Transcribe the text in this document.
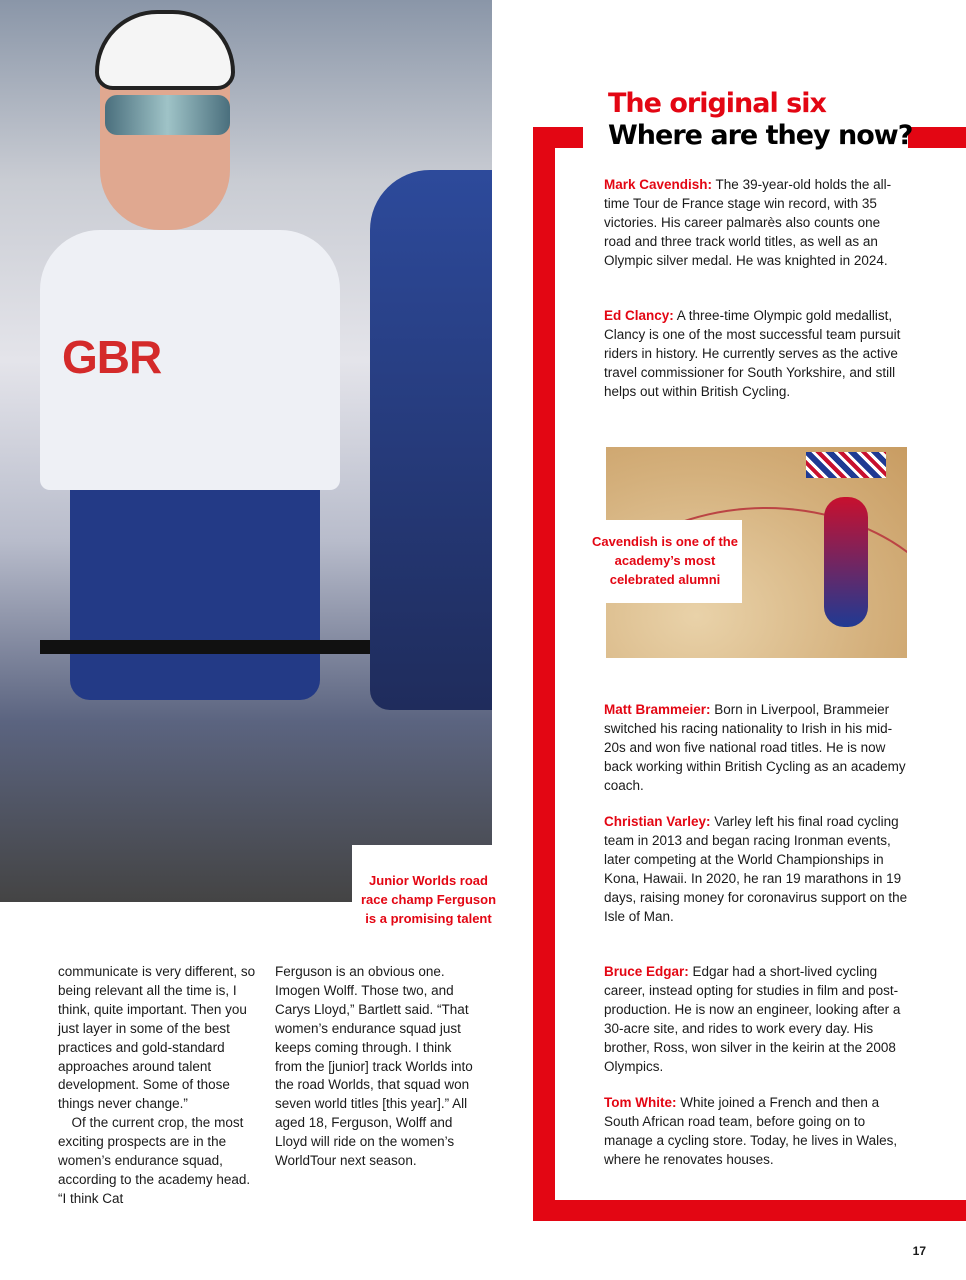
GBR
Junior Worlds road race champ Ferguson is a promising talent
The original six
Where are they now?

Mark Cavendish: The 39-year-old holds the all-time Tour de France stage win record, with 35 victories. His career palmarès also counts one road and three track world titles, as well as an Olympic silver medal. He was knighted in 2024.

Ed Clancy: A three-time Olympic gold medallist, Clancy is one of the most successful team pursuit riders in history. He currently serves as the active travel commissioner for South Yorkshire, and still helps out within British Cycling.

Cavendish is one of the academy’s most celebrated alumni

Matt Brammeier: Born in Liverpool, Brammeier switched his racing nationality to Irish in his mid-20s and won five national road titles. He is now back working within British Cycling as an academy coach.

Christian Varley: Varley left his final road cycling team in 2013 and began racing Ironman events, later competing at the World Championships in Kona, Hawaii. In 2020, he ran 19 marathons in 19 days, raising money for coronavirus support on the Isle of Man.

Bruce Edgar: Edgar had a short-lived cycling career, instead opting for studies in film and post-production. He is now an engineer, looking after a 30-acre site, and rides to work every day. His brother, Ross, won silver in the keirin at the 2008 Olympics.

Tom White: White joined a French and then a South African road team, before going on to manage a cycling store. Today, he lives in Wales, where he renovates houses.

communicate is very different, so being relevant all the time is, I think, quite important. Then you just layer in some of the best practices and gold-standard approaches around talent development. Some of those things never change.”
 Of the current crop, the most exciting prospects are in the women’s endurance squad, according to the academy head. “I think Cat

Ferguson is an obvious one. Imogen Wolff. Those two, and Carys Lloyd,” Bartlett said. “That women’s endurance squad just keeps coming through. I think from the [junior] track Worlds into the road Worlds, that squad won seven world titles [this year].” All aged 18, Ferguson, Wolff and Lloyd will ride on the women’s WorldTour next season.

17
